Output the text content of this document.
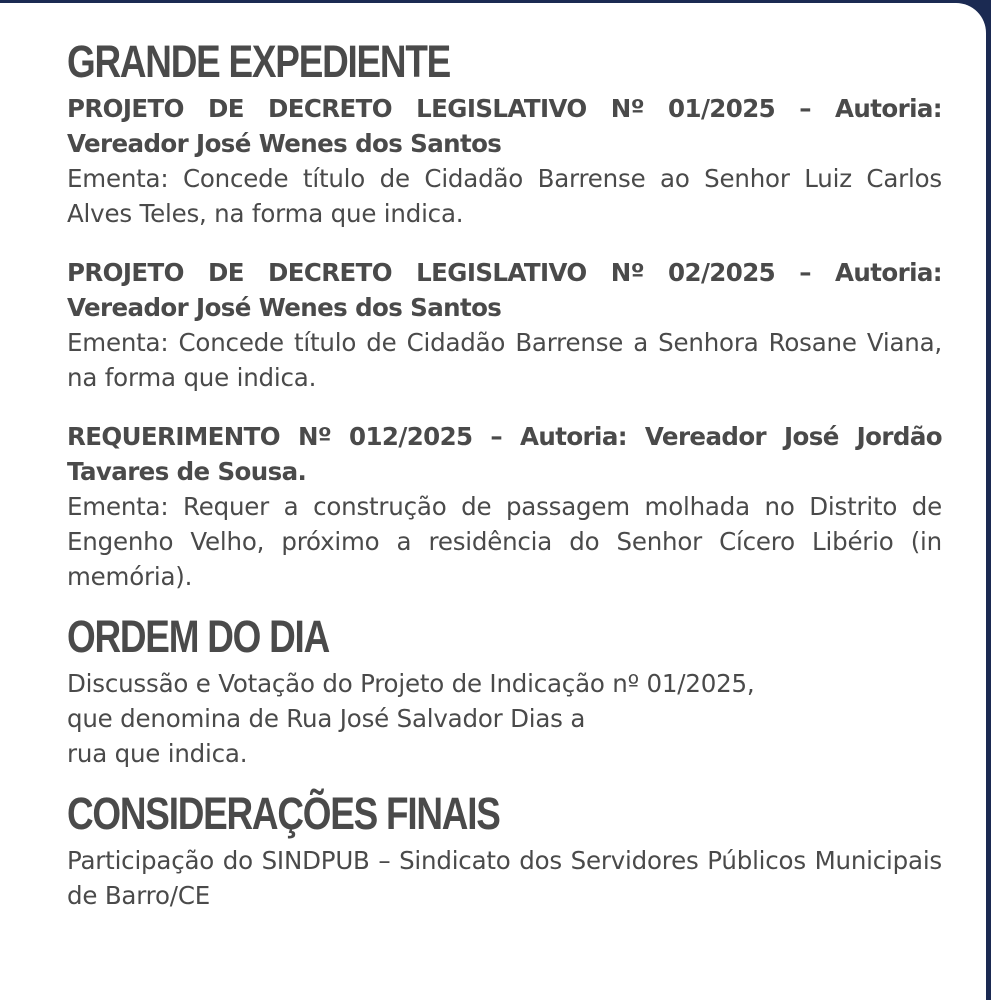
GRANDE EXPEDIENTE

PROJETO DE DECRETO LEGISLATIVO Nº 01/2025 – Autoria: Vereador José Wenes dos Santos

Ementa: Concede título de Cidadão Barrense ao Senhor Luiz Carlos Alves Teles, na forma que indica.

PROJETO DE DECRETO LEGISLATIVO Nº 02/2025 – Autoria: Vereador José Wenes dos Santos

Ementa: Concede título de Cidadão Barrense a Senhora Rosane Viana, na forma que indica.

REQUERIMENTO Nº 012/2025 – Autoria: Vereador José Jordão Tavares de Sousa.

Ementa: Requer a construção de passagem molhada no Distrito de Engenho Velho, próximo a residência do Senhor Cícero Libério (in memória).

ORDEM DO DIA

Discussão e Votação do Projeto de Indicação nº 01/2025,

que denomina de Rua José Salvador Dias a

rua que indica.

CONSIDERAÇÕES FINAIS

Participação do SINDPUB – Sindicato dos Servidores Públicos Municipais de Barro/CE
